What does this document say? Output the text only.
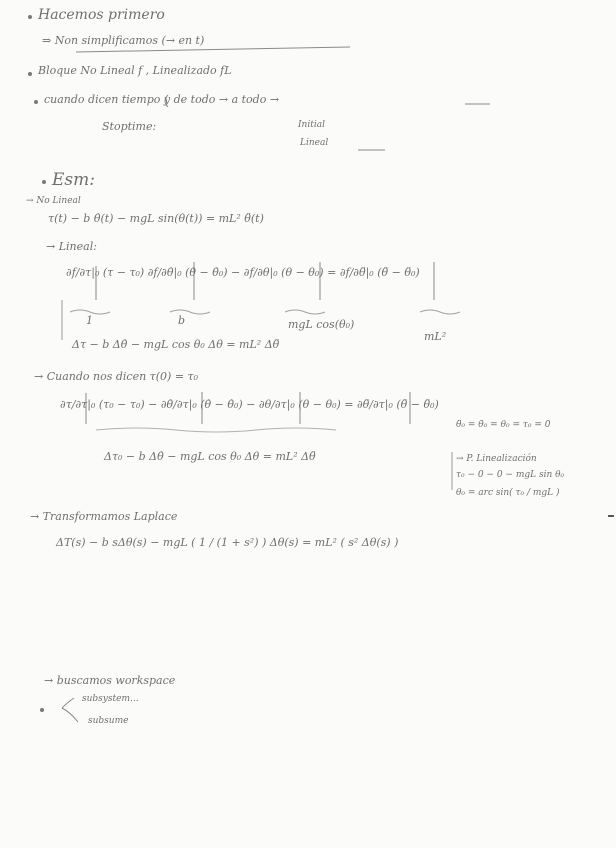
Hacemos primero
⇒ Non simplificamos (→ en t)
Bloque No Lineal f , Linealizado fL
cuando dicen tiempo y de todo → a todo →
Stoptime:	Initial
Lineal
Esm:
→ No Lineal
τ(t) − b θ̇(t) − mgL sin(θ(t)) = mL² θ̈(t)
→ Lineal:
∂f/∂τ|₀ (τ − τ₀) ∂f/∂θ̇|₀ (θ̇ − θ̇₀) − ∂f/∂θ|₀ (θ − θ₀) = ∂f/∂θ̈|₀ (θ̈ − θ̈₀)
1	b	mgL cos(θ₀)
mL²
Δτ − b Δθ̇ − mgL cos θ₀ Δθ = mL² Δθ̈
→ Cuando nos dicen τ(0) = τ₀
∂τ/∂τ|₀ (τ₀ − τ₀) − ∂θ̇/∂τ|₀ (θ̇ − θ̇₀) − ∂θ/∂τ|₀ (θ − θ₀) = ∂θ̈/∂τ|₀ (θ̈ − θ̈₀)
Δτ₀ − b Δθ̇ − mgL cos θ₀ Δθ = mL² Δθ̈
θ̈₀ = θ̇₀ = θ₀ = τ₀ = 0
→ P. Linealización
τ₀ − 0 − 0 − mgL sin θ₀
θ₀ = arc sin( τ₀ / mgL )
→ Transformamos Laplace
ΔT(s) − b sΔθ(s) − mgL ( 1 / (1 + s²) ) Δθ(s) = mL² ( s² Δθ(s) )
→ buscamos workspace
subsystem...
subsume
